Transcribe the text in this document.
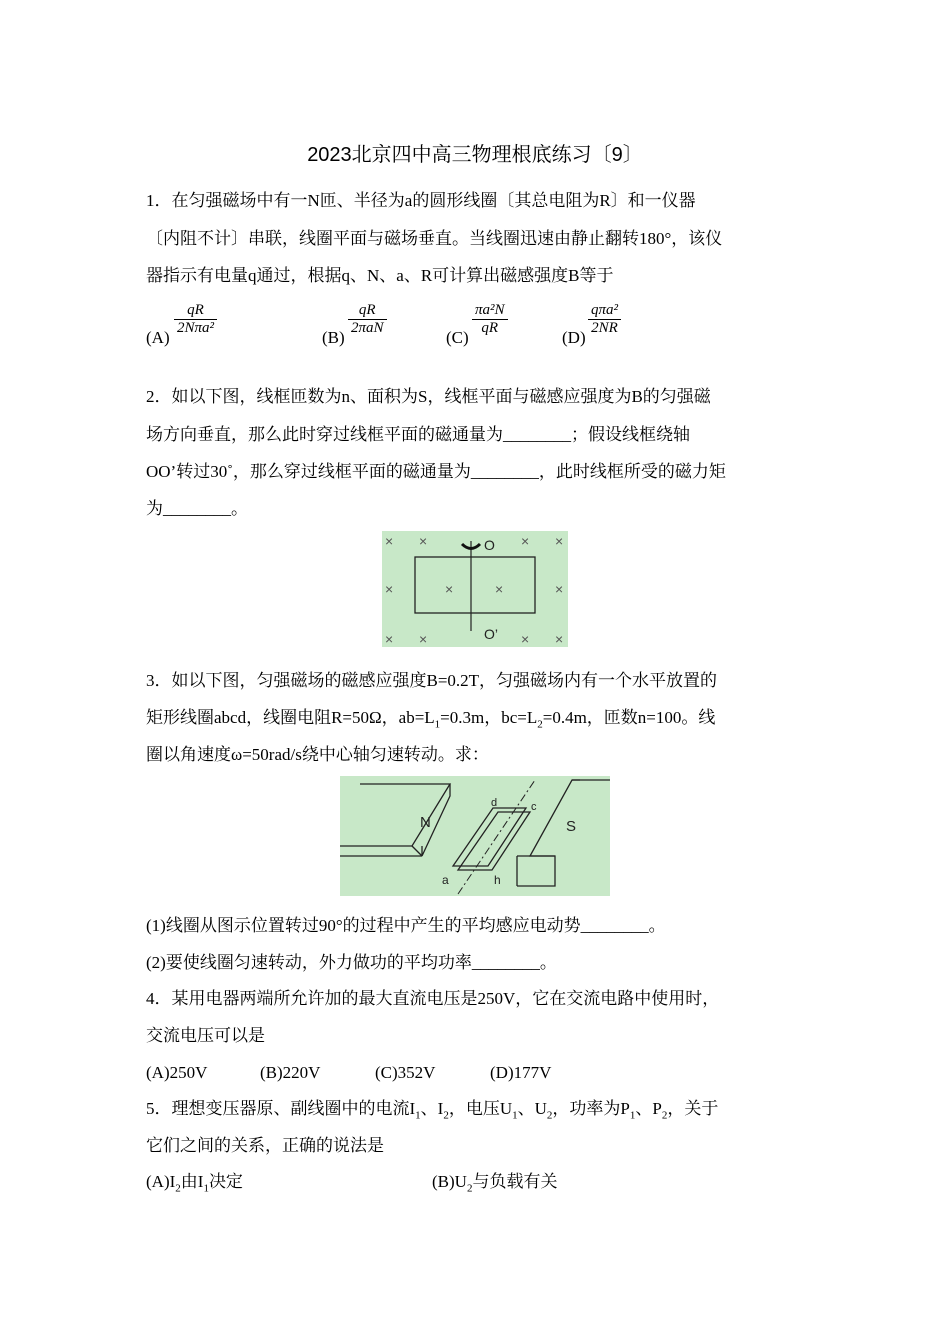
2023北京四中高三物理根底练习〔9〕
1．在匀强磁场中有一N匝、半径为a的圆形线圈〔其总电阻为R〕和一仪器
〔内阻不计〕串联，线圈平面与磁场垂直。当线圈迅速由静止翻转180°，该仪
器指示有电量q通过，根据q、N、a、R可计算出磁感强度B等于
(A)
qR
2Nπa²	(B)
qR
2πaN	(C)
$\frac{\text{πa²N}}{qR}$
(D)
qπa²
2NR
2．如以下图，线框匝数为n、面积为S，线框平面与磁感应强度为B的匀强磁
场方向垂直，那么此时穿过线框平面的磁通量为________；假设线框绕轴
OO’转过30˚，那么穿过线框平面的磁通量为________，此时线框所受的磁力矩
为________。
×
×
×
×
×
×	×
×
×
×
×
×
O
O’
3．如以下图，匀强磁场的磁感应强度B=0.2T，匀强磁场内有一个水平放置的
矩形线圈abcd，线圈电阻R=50Ω，$ab=L_1=0.3m$，$bc=L_2=0.4m$，匝数n=100。线
圈以角速度ω=50rad/s绕中心轴匀速转动。求：
N	S
d	c
a	h
(1)线圈从图示位置转过90°的过程中产生的平均感应电动势________。
(2)要使线圈匀速转动，外力做功的平均功率________。
4．某用电器两端所允许加的最大直流电压是250V，它在交流电路中使用时，
交流电压可以是
(A)250V	(B)220V	(C)352V	(D)177V
5．理想变压器原、副线圈中的电流$I_1$、$I_2$，电压$U_1$、$U_2$，功率为$P_1$、$P_2$，关于
它们之间的关系，正确的说法是
$(A)I_2$由$I_1$决定	$(B)U_2$与负载有关
